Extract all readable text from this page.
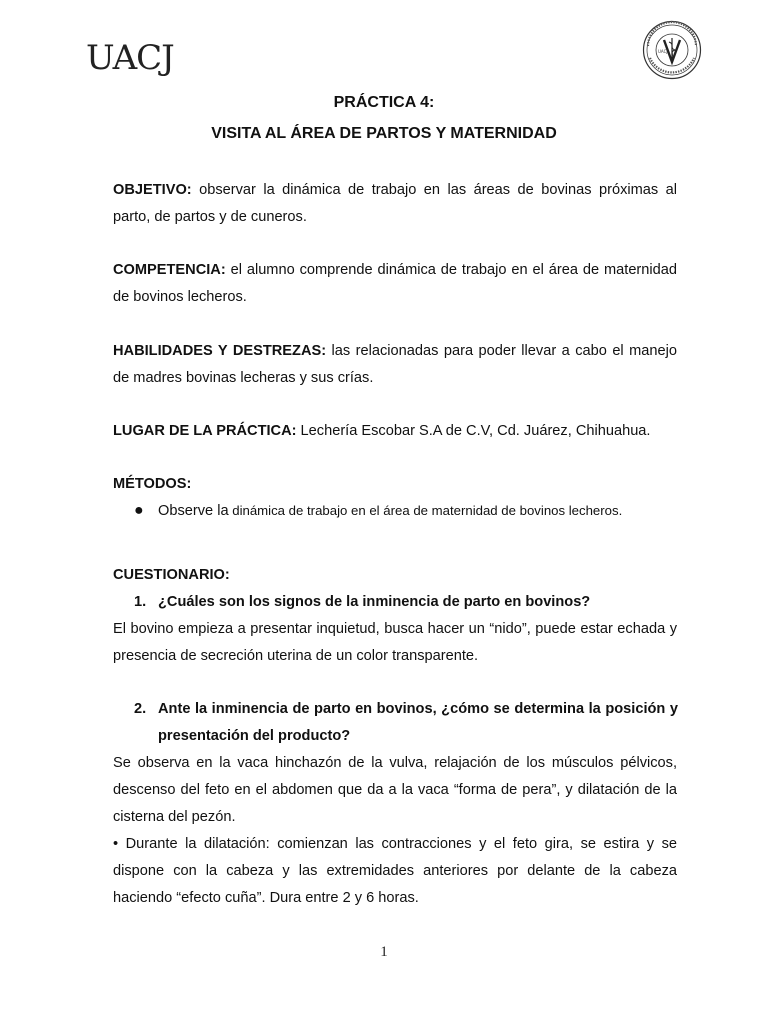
UACJ	UACJ
PRÁCTICA 4:
VISITA AL ÁREA DE PARTOS Y MATERNIDAD
OBJETIVO: observar la dinámica de trabajo en las áreas de bovinas próximas al parto, de partos y de cuneros.
COMPETENCIA: el alumno comprende dinámica de trabajo en el área de maternidad de bovinos lecheros.
HABILIDADES Y DESTREZAS: las relacionadas para poder llevar a cabo el manejo de madres bovinas lecheras y sus crías.
LUGAR DE LA PRÁCTICA: Lechería Escobar S.A de C.V, Cd. Juárez, Chihuahua.
MÉTODOS:
● Observe la dinámica de trabajo en el área de maternidad de bovinos lecheros.
CUESTIONARIO:
1. ¿Cuáles son los signos de la inminencia de parto en bovinos?
El bovino empieza a presentar inquietud, busca hacer un “nido”, puede estar echada y presencia de secreción uterina de un color transparente.
2. Ante la inminencia de parto en bovinos, ¿cómo se determina la posición y presentación del producto?
Se observa en la vaca hinchazón de la vulva, relajación de los músculos pélvicos, descenso del feto en el abdomen que da a la vaca “forma de pera”, y dilatación de la cisterna del pezón.
• Durante la dilatación: comienzan las contracciones y el feto gira, se estira y se dispone con la cabeza y las extremidades anteriores por delante de la cabeza haciendo “efecto cuña”. Dura entre 2 y 6 horas.
1
